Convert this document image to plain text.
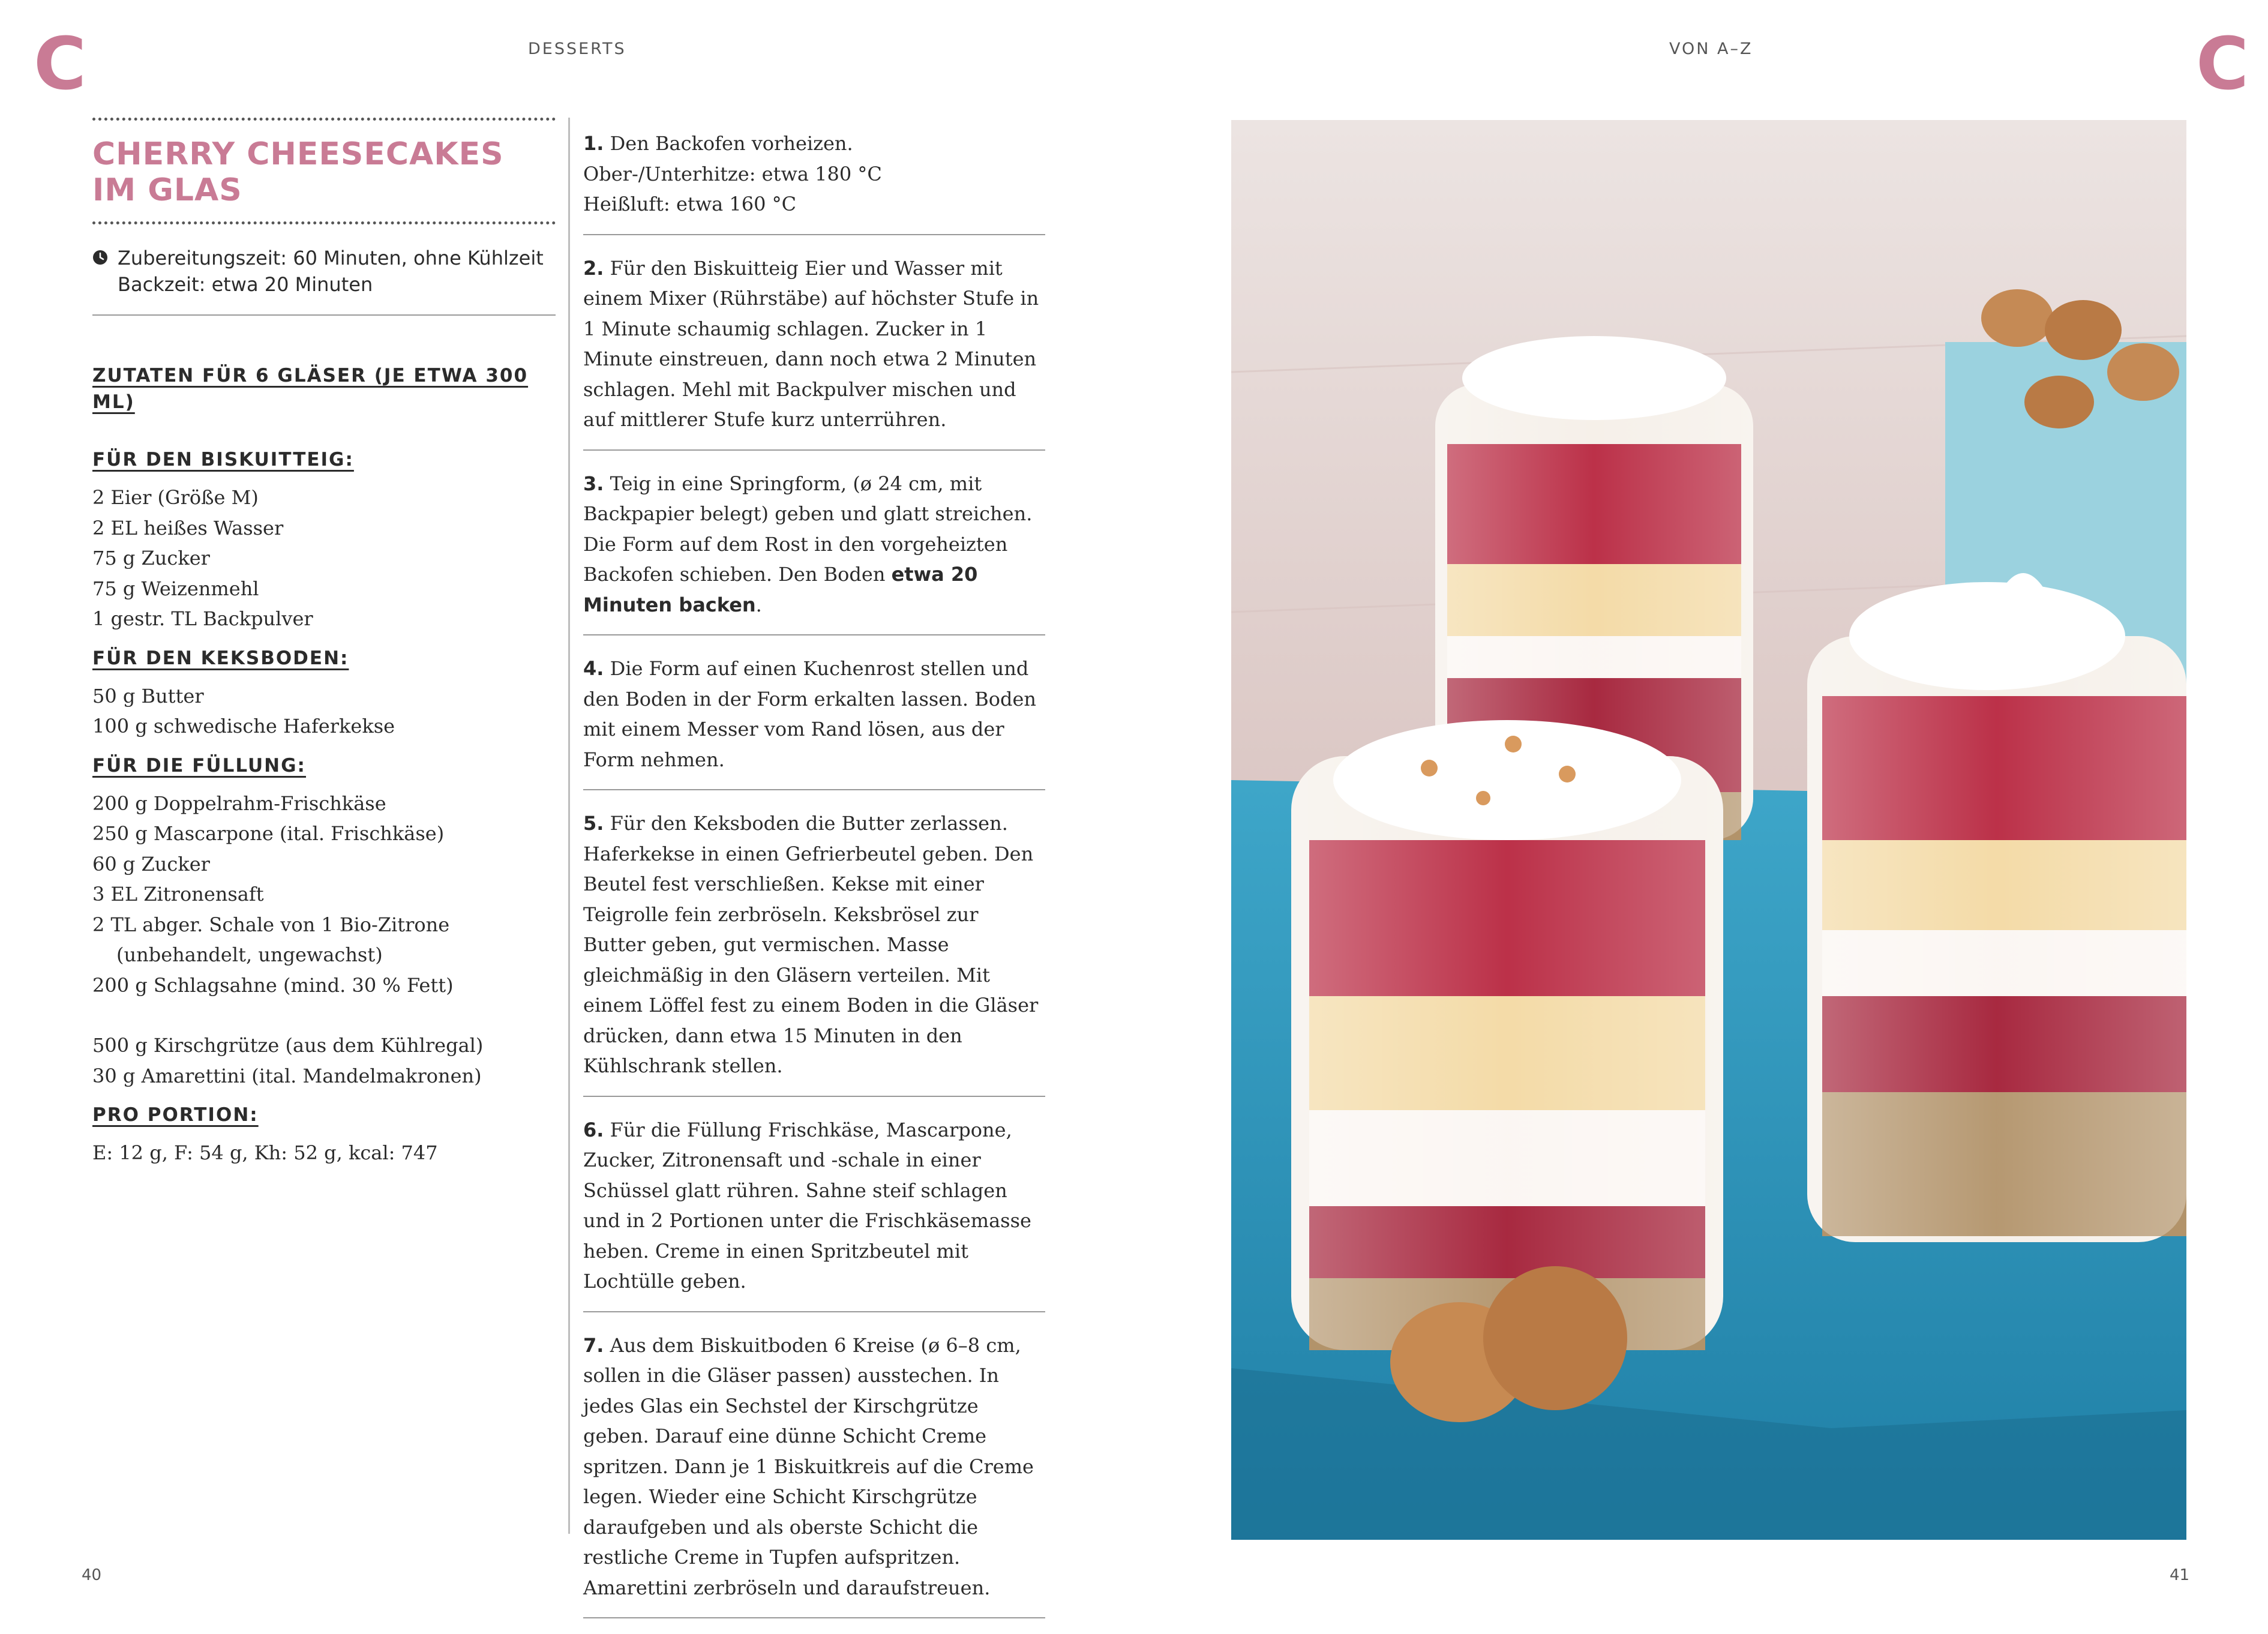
C	C
DESSERTS	VON A–Z
CHERRY CHEESECAKES
IM GLAS
Zubereitungszeit: 60 Minuten, ohne Kühlzeit
Backzeit: etwa 20 Minuten
ZUTATEN FÜR 6 GLÄSER (JE ETWA 300 ML)
FÜR DEN BISKUITTEIG:
2 Eier (Größe M)
2 EL heißes Wasser
75 g Zucker
75 g Weizenmehl
1 gestr. TL Backpulver
FÜR DEN KEKSBODEN:
50 g Butter
100 g schwedische Haferkekse
FÜR DIE FÜLLUNG:
200 g Doppelrahm-Frischkäse
250 g Mascarpone (ital. Frischkäse)
60 g Zucker
3 EL Zitronensaft
2 TL abger. Schale von 1 Bio-Zitrone
(unbehandelt, ungewachst)
200 g Schlagsahne (mind. 30 % Fett)
500 g Kirschgrütze (aus dem Kühlregal)
30 g Amarettini (ital. Mandelmakronen)
PRO PORTION:
E: 12 g, F: 54 g, Kh: 52 g, kcal: 747
1. Den Backofen vorheizen.
Ober-/Unterhitze: etwa 180 °C
Heißluft: etwa 160 °C
2. Für den Biskuitteig Eier und Wasser mit einem Mixer (Rührstäbe) auf höchster Stufe in 1 Minute schaumig schlagen. Zucker in 1 Minute einstreuen, dann noch etwa 2 Minuten schlagen. Mehl mit Backpulver mischen und auf mittlerer Stufe kurz unterrühren.
3. Teig in eine Springform, (ø 24 cm, mit Backpapier belegt) geben und glatt streichen. Die Form auf dem Rost in den vorgeheizten Backofen schieben. Den Boden etwa 20 Minuten backen.
4. Die Form auf einen Kuchenrost stellen und den Boden in der Form erkalten lassen. Boden mit einem Messer vom Rand lösen, aus der Form nehmen.
5. Für den Keksboden die Butter zerlassen. Haferkekse in einen Gefrierbeutel geben. Den Beutel fest verschließen. Kekse mit einer Teigrolle fein zerbröseln. Keksbrösel zur Butter geben, gut vermischen. Masse gleichmäßig in den Gläsern verteilen. Mit einem Löffel fest zu einem Boden in die Gläser drücken, dann etwa 15 Minuten in den Kühlschrank stellen.
6. Für die Füllung Frischkäse, Mascarpone, Zucker, Zitronensaft und -schale in einer Schüssel glatt rühren. Sahne steif schlagen und in 2 Portionen unter die Frischkäsemasse heben. Creme in einen Spritzbeutel mit Lochtülle geben.
7. Aus dem Biskuitboden 6 Kreise (ø 6–8 cm, sollen in die Gläser passen) ausstechen. In jedes Glas ein Sechstel der Kirschgrütze geben. Darauf eine dünne Schicht Creme spritzen. Dann je 1 Biskuitkreis auf die Creme legen. Wieder eine Schicht Kirschgrütze daraufgeben und als oberste Schicht die restliche Creme in Tupfen aufspritzen. Amarettini zerbröseln und daraufstreuen.
40	41
